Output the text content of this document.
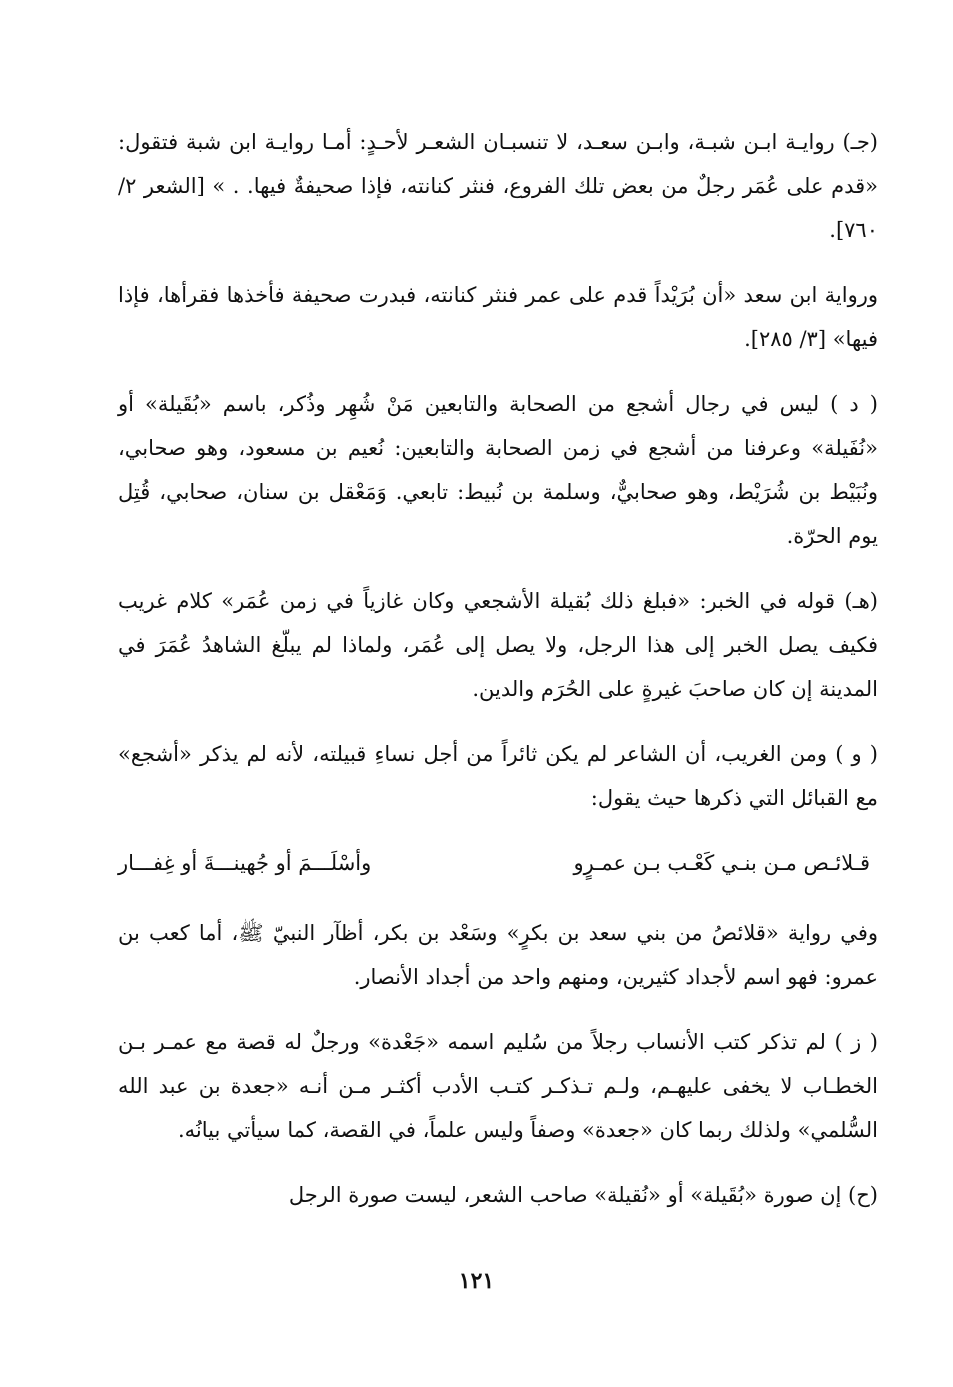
(جـ) روايـة ابـن شبـة، وابـن سعـد، لا تنسبـان الشعـر لأحـدٍ: أمـا روايـة ابن شبة فتقول: «قدم على عُمَر رجلٌ من بعض تلك الفروع، فنثر كنانته، فإذا صحيفةٌ فيها. . » [الشعر ٢/ ٧٦٠].

ورواية ابن سعد «أن بُرَيْداً قدم على عمر فنثر كنانته، فبدرت صحيفة فأخذها فقرأها، فإذا فيها» [٣/ ٢٨٥].

( د ) ليس في رجال أشجع من الصحابة والتابعين مَنْ شُهِر وذُكر، باسم «بُقَيلة» أو «نُفَيلة» وعرفنا من أشجع في زمن الصحابة والتابعين: نُعيم بن مسعود، وهو صحابي، ونُبَيْط بن شُرَيْط، وهو صحابيٌّ، وسلمة بن نُبيط: تابعي. وَمَعْقل بن سنان، صحابي، قُتِل يوم الحرّة.

(هـ) قوله في الخبر: «فبلغ ذلك بُقيلة الأشجعي وكان غازياً في زمن عُمَر» كلام غريب فكيف يصل الخبر إلى هذا الرجل، ولا يصل إلى عُمَر، ولماذا لم يبلّغ الشاهدُ عُمَرَ في المدينة إن كان صاحبَ غيرةٍ على الحُرَم والدين.

( و ) ومن الغريب، أن الشاعر لم يكن ثائراً من أجل نساءِ قبيلته، لأنه لم يذكر «أشجع» مع القبائل التي ذكرها حيث يقول:

قـلائـص مـن بنـي كَعْـب بـن عمـرٍو
وأسْلَـــمَ أو جُهينـــةَ أو غِفـــار

وفي رواية «قلائصُ من بني سعد بن بكرٍ» وسَعْد بن بكر، أظآر النبيّ ﷺ، أما كعب بن عمرو: فهو اسم لأجداد كثيرين، ومنهم واحد من أجداد الأنصار.

( ز ) لم تذكر كتب الأنساب رجلاً من سُليم اسمه «جَعْدة» ورجلٌ له قصة مع عمـر بـن الخطـاب لا يخفى عليهـم، ولـم تـذكـر كتـب الأدب أكثـر مـن أنـه «جعدة بن عبد الله السُّلمي» ولذلك ربما كان «جعدة» وصفاً وليس علماً، في القصة، كما سيأتي بيانُه.

(ح) إن صورة «بُقَيلة» أو «نُقيلة» صاحب الشعر، ليست صورة الرجل

١٢١
